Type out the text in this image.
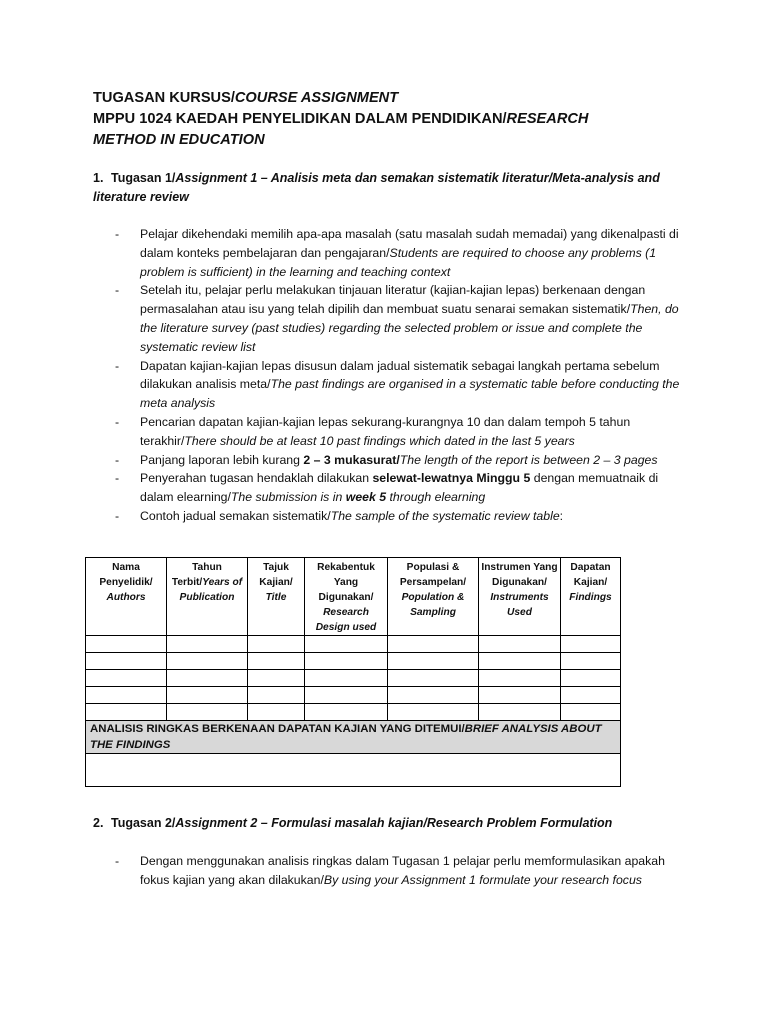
TUGASAN KURSUS/COURSE ASSIGNMENT
MPPU 1024 KAEDAH PENYELIDIKAN DALAM PENDIDIKAN/RESEARCH
METHOD IN EDUCATION
1. Tugasan 1/Assignment 1 – Analisis meta dan semakan sistematik literatur/Meta-analysis and literature review
- Pelajar dikehendaki memilih apa-apa masalah (satu masalah sudah memadai) yang dikenalpasti di dalam konteks pembelajaran dan pengajaran/Students are required to choose any problems (1 problem is sufficient) in the learning and teaching context
- Setelah itu, pelajar perlu melakukan tinjauan literatur (kajian-kajian lepas) berkenaan dengan permasalahan atau isu yang telah dipilih dan membuat suatu senarai semakan sistematik/Then, do the literature survey (past studies) regarding the selected problem or issue and complete the systematic review list
- Dapatan kajian-kajian lepas disusun dalam jadual sistematik sebagai langkah pertama sebelum dilakukan analisis meta/The past findings are organised in a systematic table before conducting the meta analysis
- Pencarian dapatan kajian-kajian lepas sekurang-kurangnya 10 dan dalam tempoh 5 tahun terakhir/There should be at least 10 past findings which dated in the last 5 years
- Panjang laporan lebih kurang 2 – 3 mukasurat/The length of the report is between 2 – 3 pages
- Penyerahan tugasan hendaklah dilakukan selewat-lewatnya Minggu 5 dengan memuatnaik di dalam elearning/The submission is in week 5 through elearning
- Contoh jadual semakan sistematik/The sample of the systematic review table:
Nama Penyelidik/
Authors	Tahun Terbit/Years of Publication	Tajuk Kajian/
Title	Rekabentuk Yang Digunakan/
Research Design used	Populasi & Persampelan/
Population & Sampling	Instrumen Yang Digunakan/
Instruments Used	Dapatan Kajian/
Findings

ANALISIS RINGKAS BERKENAAN DAPATAN KAJIAN YANG DITEMUI/BRIEF ANALYSIS ABOUT THE FINDINGS						

2. Tugasan 2/Assignment 2 – Formulasi masalah kajian/Research Problem Formulation
- Dengan menggunakan analisis ringkas dalam Tugasan 1 pelajar perlu memformulasikan apakah fokus kajian yang akan dilakukan/By using your Assignment 1 formulate your research focus
